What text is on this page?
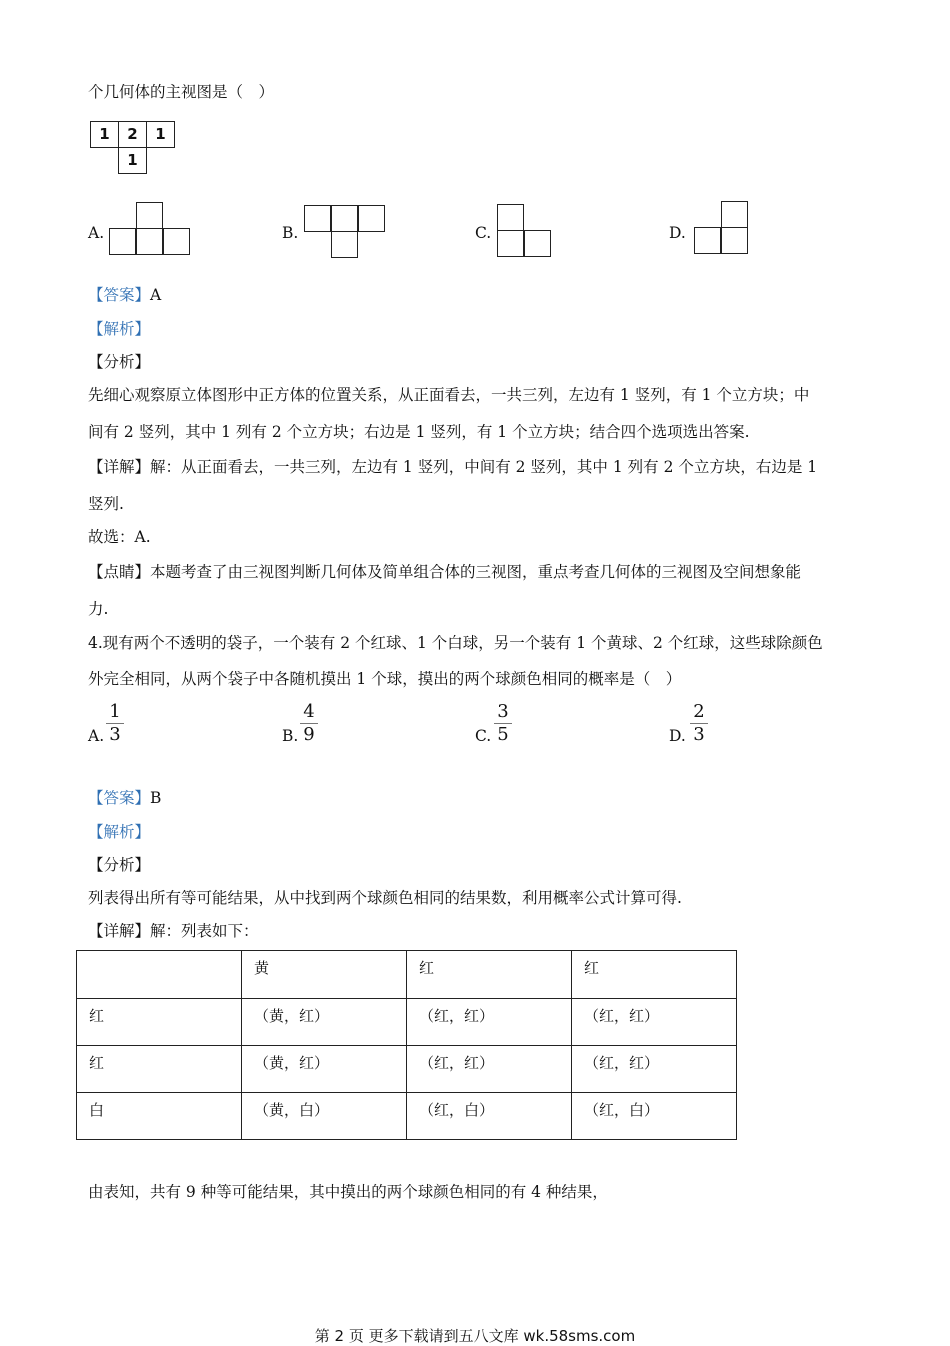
个几何体的主视图是（　）
1	2	1
1
A.	B.	C.	D.
【答案】A
【解析】
【分析】
先细心观察原立体图形中正方体的位置关系，从正面看去，一共三列，左边有 1 竖列，有 1 个立方块；中
间有 2 竖列，其中 1 列有 2 个立方块；右边是 1 竖列，有 1 个立方块；结合四个选项选出答案.
【详解】解：从正面看去，一共三列，左边有 1 竖列，中间有 2 竖列，其中 1 列有 2 个立方块，右边是 1
竖列.
故选：A.
【点睛】本题考查了由三视图判断几何体及简单组合体的三视图，重点考查几何体的三视图及空间想象能
力.
4.现有两个不透明的袋子，一个装有 2 个红球、1 个白球，另一个装有 1 个黄球、2 个红球，这些球除颜色
外完全相同，从两个袋子中各随机摸出 1 个球，摸出的两个球颜色相同的概率是（　）
A.
1
3	B.
4
9	C.
3
5	D.
2
3
【答案】B
【解析】
【分析】
列表得出所有等可能结果，从中找到两个球颜色相同的结果数，利用概率公式计算可得.
【详解】解：列表如下：
	黄	红	红
红	（黄，红）	（红，红）	（红，红）
红	（黄，红）	（红，红）	（红，红）
白	（黄，白）	（红，白）	（红，白）
由表知，共有 9 种等可能结果，其中摸出的两个球颜色相同的有 4 种结果，
第 2 页 更多下载请到五八文库 wk.58sms.com
